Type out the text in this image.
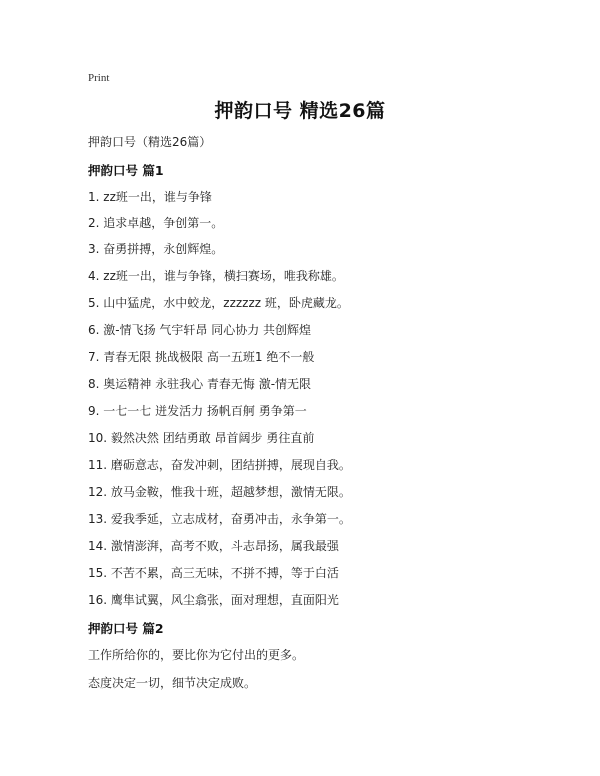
Print
押韵口号 精选26篇
押韵口号（精选26篇）
押韵口号 篇1
1. zz班一出，谁与争锋
2. 追求卓越，争创第一。
3. 奋勇拼搏，永创辉煌。
4. zz班一出，谁与争锋，横扫赛场，唯我称雄。
5. 山中猛虎，水中蛟龙，zzzzzz 班，卧虎藏龙。
6. 激-情飞扬 气宇轩昂 同心协力 共创辉煌
7. 青春无限 挑战极限 高一五班1 绝不一般
8. 奥运精神 永驻我心 青春无悔 激-情无限
9. 一七一七 迸发活力 扬帆百舸 勇争第一
10. 毅然决然 团结勇敢 昂首阔步 勇往直前
11. 磨砺意志，奋发冲刺，团结拼搏，展现自我。
12. 放马金鞍，惟我十班，超越梦想，激情无限。
13. 爱我季延，立志成材，奋勇冲击，永争第一。
14. 激情澎湃，高考不败，斗志昂扬，属我最强
15. 不苦不累，高三无味，不拼不搏，等于白活
16. 鹰隼试翼，风尘翕张，面对理想，直面阳光
押韵口号 篇2
工作所给你的，要比你为它付出的更多。
态度决定一切，细节决定成败。
